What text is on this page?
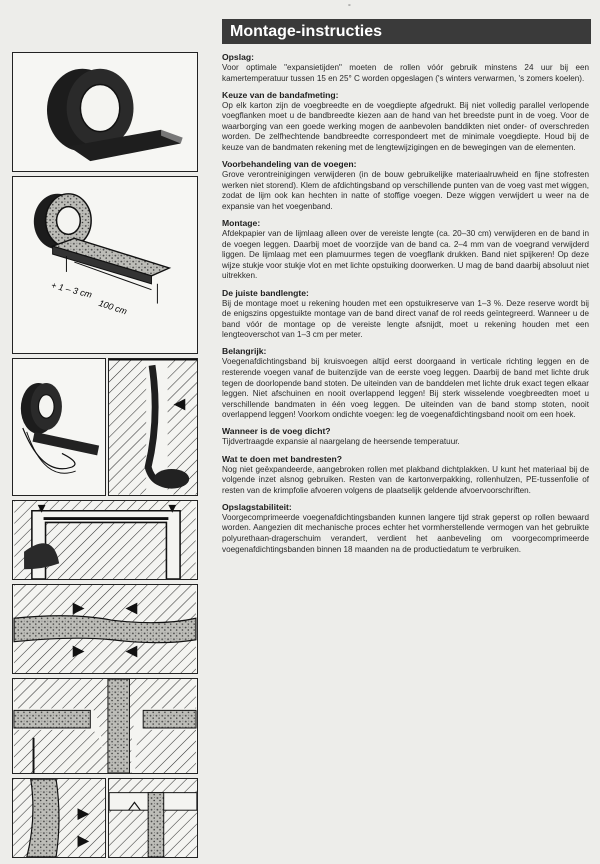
°
100 cm
+ 1 – 3 cm
Montage-instructies
Opslag:

Voor optimale "expansietijden" moeten de rollen vóór gebruik minstens 24 uur bij een kamertemperatuur tussen 15 en 25° C worden opgeslagen ('s winters verwarmen, 's zomers koelen).

Keuze van de bandafmeting:

Op elk karton zijn de voegbreedte en de voegdiepte afgedrukt. Bij niet volledig parallel verlopende voegflanken moet u de bandbreedte kiezen aan de hand van het breedste punt in de voeg. Voor de waarborging van een goede werking mogen de aanbevolen banddikten niet onder- of overschreden worden. De zelfhechtende bandbreedte correspondeert met de minimale voegdiepte. Houd bij de keuze van de bandmaten rekening met de lengtewijzigingen en de bewegingen van de elementen.

Voorbehandeling van de voegen:

Grove verontreinigingen verwijderen (in de bouw gebruikelijke materiaalruwheid en fijne stofresten werken niet storend). Klem de afdichtingsband op verschillende punten van de voeg vast met wiggen, zodat de lijm ook kan hechten in natte of stoffige voegen. Deze wiggen verwijdert u weer na de expansie van het voegenband.

Montage:

Afdekpapier van de lijmlaag alleen over de vereiste lengte (ca. 20–30 cm) verwijderen en de band in de voegen leggen. Daarbij moet de voorzijde van de band ca. 2–4 mm van de voegrand verwijderd liggen. De lijmlaag met een plamuurmes tegen de voegflank drukken. Band niet spijkeren! Op deze wijze stukje voor stukje vlot en met lichte opstuiking doorwerken. U mag de band daarbij absoluut niet uitrekken.

De juiste bandlengte:

Bij de montage moet u rekening houden met een opstuikreserve van 1–3 %. Deze reserve wordt bij de enigszins opgestuikte montage van de band direct vanaf de rol reeds geïntegreerd. Wanneer u de band vóór de montage op de vereiste lengte afsnijdt, moet u rekening houden met een lengteoverschot van 1–3 cm per meter.

Belangrijk:

Voegenafdichtingsband bij kruisvoegen altijd eerst doorgaand in verticale richting leggen en de resterende voegen vanaf de buitenzijde van de eerste voeg leggen. Daarbij de band met lichte druk tegen de doorlopende band stoten. De uiteinden van de banddelen met lichte druk exact tegen elkaar leggen. Niet afschuinen en nooit overlappend leggen! Bij sterk wisselende voegbreedten moet u verschillende bandmaten in één voeg leggen. De uiteinden van de band stomp stoten, nooit overlappend leggen! Voorkom ondichte voegen: leg de voegenafdichtingsband nooit om een hoek.

Wanneer is de voeg dicht?

Tijdvertraagde expansie al naargelang de heersende temperatuur.

Wat te doen met bandresten?

Nog niet geëxpandeerde, aangebroken rollen met plakband dichtplakken. U kunt het materiaal bij de volgende inzet alsnog gebruiken. Resten van de kartonverpakking, rollenhulzen, PE-tussenfolie of resten van de krimpfolie afvoeren volgens de plaatselijk geldende afvoervoorschriften.

Opslagstabiliteit:

Voorgecomprimeerde voegenafdichtingsbanden kunnen langere tijd strak geperst op rollen bewaard worden. Aangezien dit mechanische proces echter het vormherstellende vermogen van het gebruikte polyurethaan-dragerschuim verandert, verdient het aanbeveling om voorgecomprimeerde voegenafdichtingsbanden binnen 18 maanden na de productiedatum te verbruiken.
